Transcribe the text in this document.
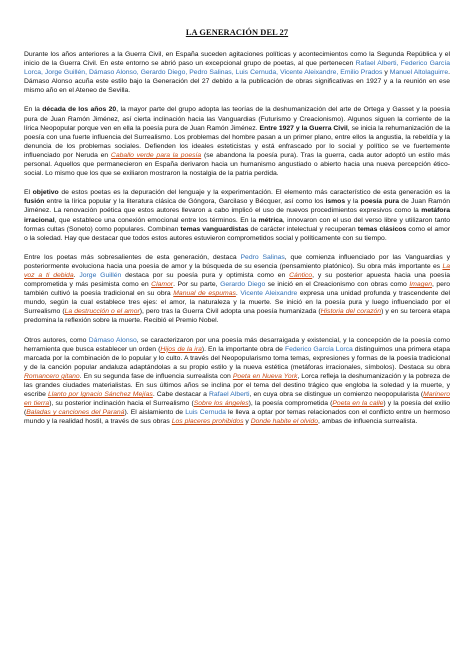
LA GENERACIÓN DEL 27

Durante los años anteriores a la Guerra Civil, en España suceden agitaciones políticas y acontecimientos como la Segunda República y el inicio de la Guerra Civil. En este entorno se abrió paso un excepcional grupo de poetas, al que pertenecen Rafael Alberti, Federico García Lorca, Jorge Guillén, Dámaso Alonso, Gerardo Diego, Pedro Salinas, Luis Cernuda, Vicente Aleixandre, Emilio Prados y Manuel Altolaguirre. Dámaso Alonso acuña este estilo bajo la Generación del 27 debido a la publicación de obras significativas en 1927 y a la reunión en ese mismo año en el Ateneo de Sevilla.

En la década de los años 20, la mayor parte del grupo adopta las teorías de la deshumanización del arte de Ortega y Gasset y la poesía pura de Juan Ramón Jiménez, así cierta inclinación hacia las Vanguardias (Futurismo y Creacionismo). Algunos siguen la corriente de la lírica Neopopular porque ven en ella la poesía pura de Juan Ramón Jiménez. Entre 1927 y la Guerra Civil, se inicia la rehumanización de la poesía con una fuerte influencia del Surrealismo. Los problemas del hombre pasan a un primer plano, entre ellos la angustia, la rebeldía y la denuncia de los problemas sociales. Defienden los ideales esteticistas y está enfrascado por lo social y político se ve fuertemente influenciado por Neruda en Caballo verde para la poesía (se abandona la poesía pura). Tras la guerra, cada autor adoptó un estilo más personal. Aquellos que permanecieron en España derivaron hacia un humanismo angustiado o abierto hacia una nueva percepción ético-social. Lo mismo que los que se exiliaron mostraron la nostalgia de la patria perdida.

El objetivo de estos poetas es la depuración del lenguaje y la experimentación. El elemento más característico de esta generación es la fusión entre la lírica popular y la literatura clásica de Góngora, Garcilaso y Bécquer, así como los ismos y la poesía pura de Juan Ramón Jiménez. La renovación poética que estos autores llevaron a cabo implicó el uso de nuevos procedimientos expresivos como la metáfora irracional, que establece una conexión emocional entre los términos. En la métrica, innovaron con el uso del verso libre y utilizaron tanto formas cultas (Soneto) como populares. Combinan temas vanguardistas de carácter intelectual y recuperan temas clásicos como el amor o la soledad. Hay que destacar que todos estos autores estuvieron comprometidos social y políticamente con su tiempo.

Entre los poetas más sobresalientes de esta generación, destaca Pedro Salinas, que comienza influenciado por las Vanguardias y posteriormente evoluciona hacia una poesía de amor y la búsqueda de su esencia (pensamiento platónico). Su obra más importante es La voz a ti debida. Jorge Guillén destaca por su poesía pura y optimista como en Cántico, y su posterior apuesta hacia una poesía comprometida y más pesimista como en Clamor. Por su parte, Gerardo Diego se inició en el Creacionismo con obras como Imagen, pero también cultivó la poesía tradicional en su obra Manual de espumas. Vicente Aleixandre expresa una unidad profunda y trascendente del mundo, según la cual establece tres ejes: el amor, la naturaleza y la muerte. Se inició en la poesía pura y luego influenciado por el Surrealismo (La destrucción o el amor), pero tras la Guerra Civil adopta una poesía humanizada (Historia del corazón) y en su tercera etapa predomina la reflexión sobre la muerte. Recibió el Premio Nobel.

Otros autores, como Dámaso Alonso, se caracterizaron por una poesía más desarraigada y existencial, y la concepción de la poesía como herramienta que busca establecer un orden (Hijos de la ira). En la importante obra de Federico García Lorca distinguimos una primera etapa marcada por la combinación de lo popular y lo culto. A través del Neopopularismo toma temas, expresiones y formas de la poesía tradicional y de la canción popular andaluza adaptándolas a su propio estilo y la nueva estética (metáforas irracionales, símbolos). Destaca su obra Romancero gitano. En su segunda fase de influencia surrealista con Poeta en Nueva York, Lorca refleja la deshumanización y la pobreza de las grandes ciudades materialistas. En sus últimos años se inclina por el tema del destino trágico que engloba la soledad y la muerte, y escribe Llanto por Ignacio Sánchez Mejías. Cabe destacar a Rafael Alberti, en cuya obra se distingue un comienzo neopopularista (Marinero en tierra), su posterior inclinación hacia el Surrealismo (Sobre los ángeles), la poesía comprometida (Poeta en la calle) y la poesía del exilio (Baladas y canciones del Paraná). El aislamiento de Luis Cernuda le lleva a optar por temas relacionados con el conflicto entre un hermoso mundo y la realidad hostil, a través de sus obras Los placeres prohibidos y Donde habite el olvido, ambas de influencia surrealista.
